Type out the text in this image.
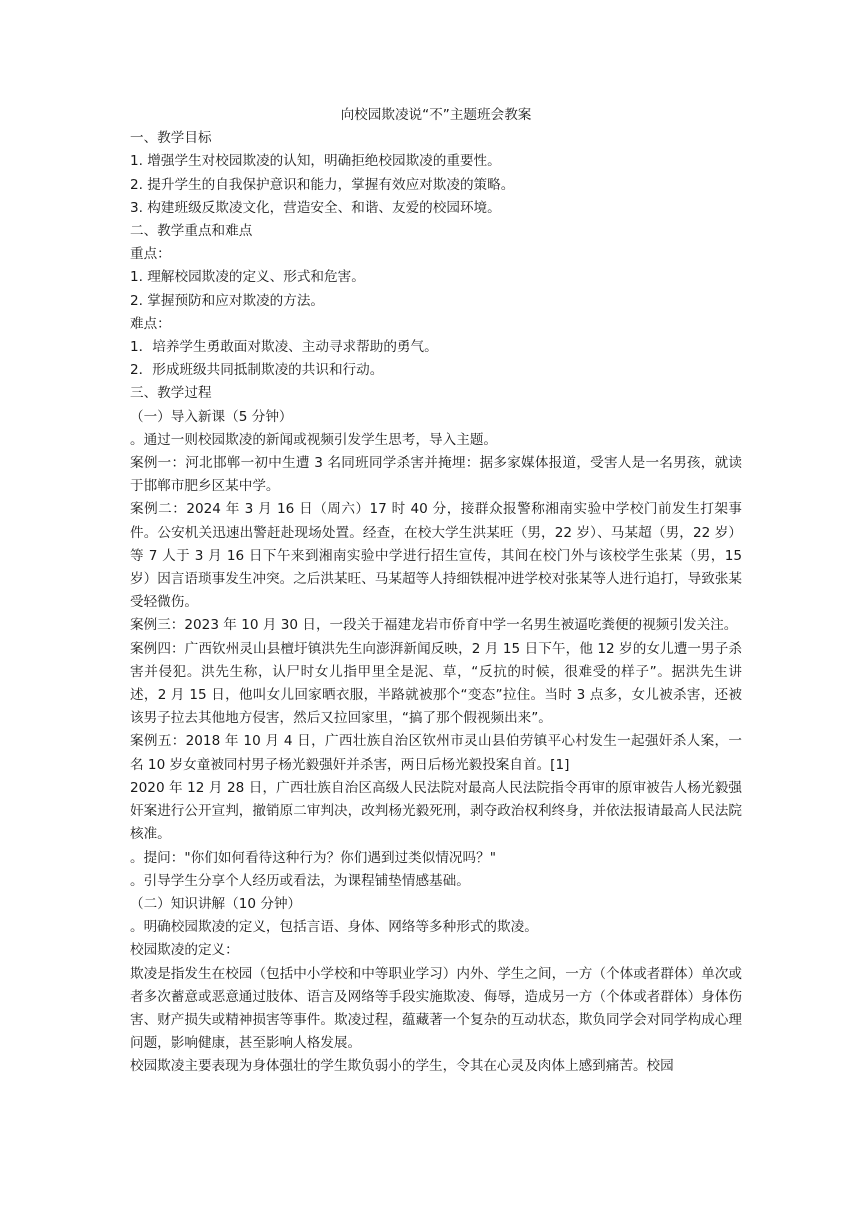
向校园欺凌说“不”主题班会教案

一、教学目标

1. 增强学生对校园欺凌的认知，明确拒绝校园欺凌的重要性。

2. 提升学生的自我保护意识和能力，掌握有效应对欺凌的策略。

3. 构建班级反欺凌文化，营造安全、和谐、友爱的校园环境。

二、教学重点和难点

重点：

1. 理解校园欺凌的定义、形式和危害。

2. 掌握预防和应对欺凌的方法。

难点：

1．培养学生勇敢面对欺凌、主动寻求帮助的勇气。

2．形成班级共同抵制欺凌的共识和行动。

三、教学过程

（一）导入新课（5 分钟）

。通过一则校园欺凌的新闻或视频引发学生思考，导入主题。

案例一：河北邯郸一初中生遭 3 名同班同学杀害并掩埋：据多家媒体报道，受害人是一名男孩，就读于邯郸市肥乡区某中学。

案例二：2024 年 3 月 16 日（周六）17 时 40 分，接群众报警称湘南实验中学校门前发生打架事件。公安机关迅速出警赶赴现场处置。经查，在校大学生洪某旺（男，22 岁）、马某超（男，22 岁）等 7 人于 3 月 16 日下午来到湘南实验中学进行招生宣传，其间在校门外与该校学生张某（男，15 岁）因言语琐事发生冲突。之后洪某旺、马某超等人持细铁棍冲进学校对张某等人进行追打，导致张某受轻微伤。

案例三：2023 年 10 月 30 日，一段关于福建龙岩市侨育中学一名男生被逼吃粪便的视频引发关注。

案例四：广西钦州灵山县檀圩镇洪先生向澎湃新闻反映，2 月 15 日下午，他 12 岁的女儿遭一男子杀害并侵犯。洪先生称，认尸时女儿指甲里全是泥、草，“反抗的时候，很难受的样子”。据洪先生讲述，2 月 15 日，他叫女儿回家晒衣服，半路就被那个“变态”拉住。当时 3 点多，女儿被杀害，还被该男子拉去其他地方侵害，然后又拉回家里，“搞了那个假视频出来”。

案例五：2018 年 10 月 4 日，广西壮族自治区钦州市灵山县伯劳镇平心村发生一起强奸杀人案，一名 10 岁女童被同村男子杨光毅强奸并杀害，两日后杨光毅投案自首。[1]

2020 年 12 月 28 日，广西壮族自治区高级人民法院对最高人民法院指令再审的原审被告人杨光毅强奸案进行公开宣判，撤销原二审判决，改判杨光毅死刑，剥夺政治权利终身，并依法报请最高人民法院核准。

。提问："你们如何看待这种行为？你们遇到过类似情况吗？"

。引导学生分享个人经历或看法，为课程铺垫情感基础。

（二）知识讲解（10 分钟）

。明确校园欺凌的定义，包括言语、身体、网络等多种形式的欺凌。

校园欺凌的定义：

欺凌是指发生在校园（包括中小学校和中等职业学习）内外、学生之间，一方（个体或者群体）单次或者多次蓄意或恶意通过肢体、语言及网络等手段实施欺凌、侮辱，造成另一方（个体或者群体）身体伤害、财产损失或精神损害等事件。欺凌过程，蕴藏著一个复杂的互动状态，欺负同学会对同学构成心理问题，影响健康，甚至影响人格发展。

校园欺凌主要表现为身体强壮的学生欺负弱小的学生，令其在心灵及肉体上感到痛苦。校园
